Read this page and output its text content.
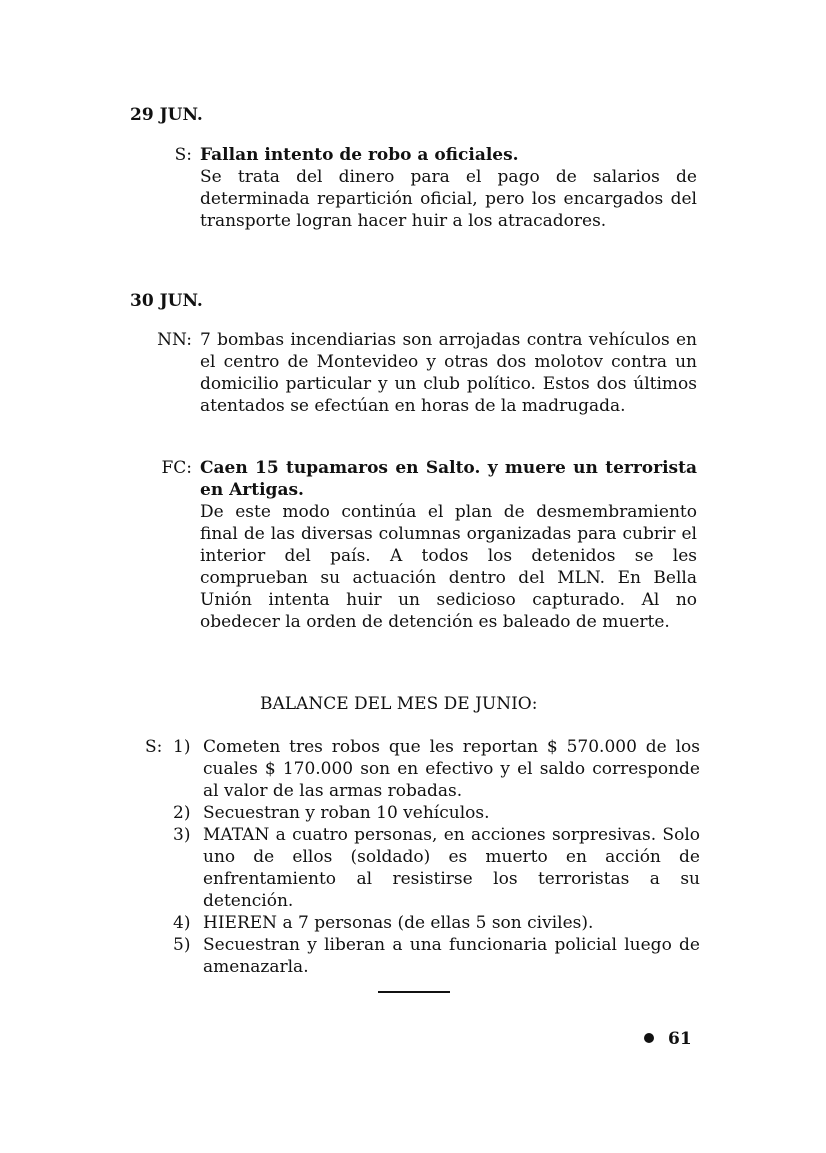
29 JUN.
S: Fallan intento de robo a oficiales.
Se trata del dinero para el pago de salarios de determinada repartición oficial, pero los encargados del transporte logran hacer huir a los atracadores.
30 JUN.
NN: 7 bombas incendiarias son arrojadas contra vehículos en el centro de Montevideo y otras dos molotov contra un domicilio particular y un club político. Estos dos últimos atentados se efectúan en horas de la madrugada.
FC: Caen 15 tupamaros en Salto. y muere un terrorista en Artigas.
De este modo continúa el plan de desmembramiento final de las diversas columnas organizadas para cubrir el interior del país. A todos los detenidos se les comprueban su actuación dentro del MLN. En Bella Unión intenta huir un sedicioso capturado. Al no obedecer la orden de detención es baleado de muerte.
BALANCE DEL MES DE JUNIO:
S: 1) Cometen tres robos que les reportan $ 570.000 de los cuales $ 170.000 son en efectivo y el saldo corresponde al valor de las armas robadas.
2) Secuestran y roban 10 vehículos.
3) MATAN a cuatro personas, en acciones sorpresivas. Solo uno de ellos (soldado) es muerto en acción de enfrentamiento al resistirse los terroristas a su detención.
4) HIEREN a 7 personas (de ellas 5 son civiles).
5) Secuestran y liberan a una funcionaria policial luego de amenazarla.
61
